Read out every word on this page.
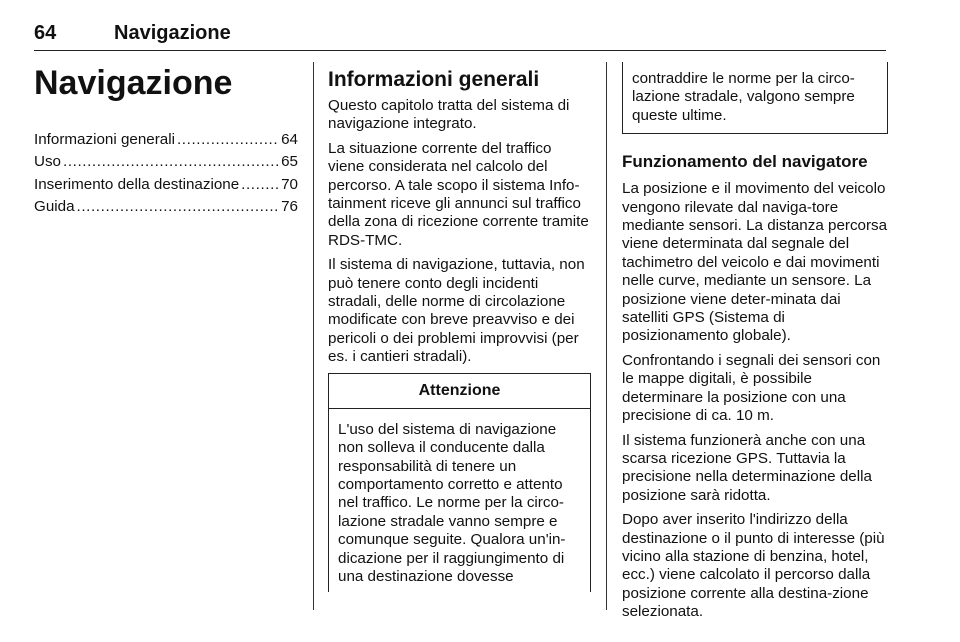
64	Navigazione
Navigazione
Informazioni generali .....	64
Uso .....	65
Inserimento della destinazione .....	70
Guida .....	76
Informazioni generali

Questo capitolo tratta del sistema di navigazione integrato.

La situazione corrente del traffico viene considerata nel calcolo del percorso. A tale scopo il sistema Info-tainment riceve gli annunci sul traffico della zona di ricezione corrente tramite RDS-TMC.

Il sistema di navigazione, tuttavia, non può tenere conto degli incidenti stradali, delle norme di circolazione modificate con breve preavviso e dei pericoli o dei problemi improvvisi (per es. i cantieri stradali).

Attenzione
L'uso del sistema di navigazione non solleva il conducente dalla responsabilità di tenere un comportamento corretto e attento nel traffico. Le norme per la circo-lazione stradale vanno sempre e comunque seguite. Qualora un'in-dicazione per il raggiungimento di una destinazione dovesse
contraddire le norme per la circo-lazione stradale, valgono sempre queste ultime.
Funzionamento del navigatore

La posizione e il movimento del veicolo vengono rilevate dal naviga-tore mediante sensori. La distanza percorsa viene determinata dal segnale del tachimetro del veicolo e dai movimenti nelle curve, mediante un sensore. La posizione viene deter-minata dai satelliti GPS (Sistema di posizionamento globale).

Confrontando i segnali dei sensori con le mappe digitali, è possibile determinare la posizione con una precisione di ca. 10 m.

Il sistema funzionerà anche con una scarsa ricezione GPS. Tuttavia la precisione nella determinazione della posizione sarà ridotta.

Dopo aver inserito l'indirizzo della destinazione o il punto di interesse (più vicino alla stazione di benzina, hotel, ecc.) viene calcolato il percorso dalla posizione corrente alla destina-zione selezionata.
